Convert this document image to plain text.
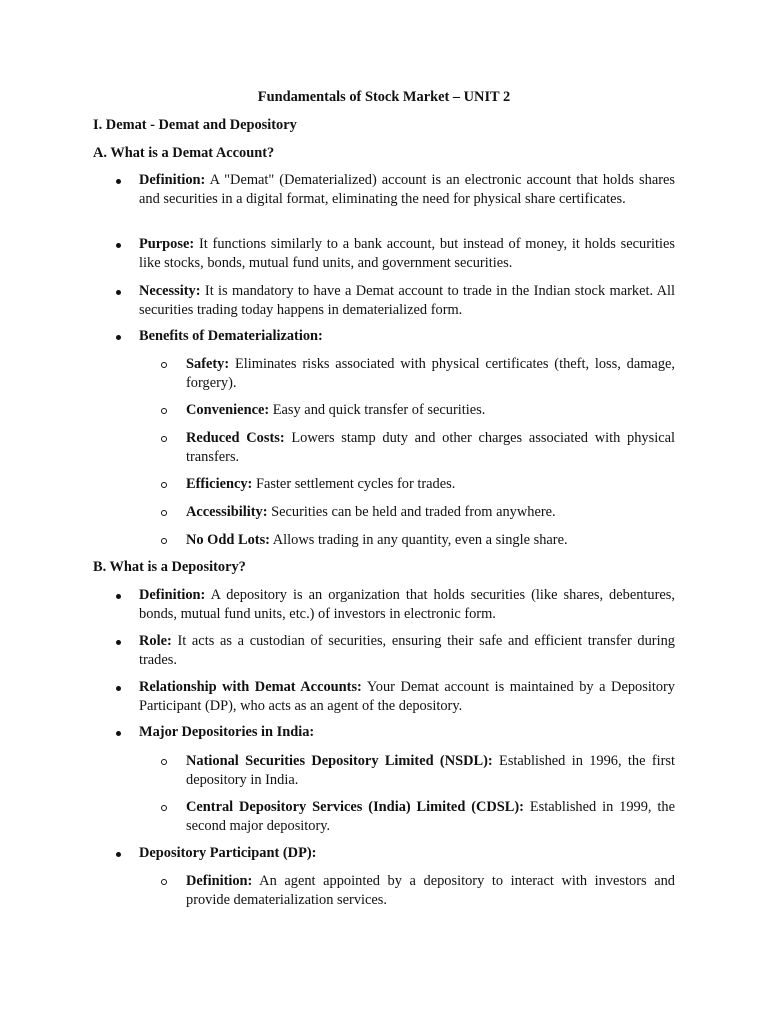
Fundamentals of Stock Market – UNIT 2

I. Demat - Demat and Depository

A. What is a Demat Account?

Definition: A "Demat" (Dematerialized) account is an electronic account that holds shares and securities in a digital format, eliminating the need for physical share certificates.

Purpose: It functions similarly to a bank account, but instead of money, it holds securities like stocks, bonds, mutual fund units, and government securities.

Necessity: It is mandatory to have a Demat account to trade in the Indian stock market. All securities trading today happens in dematerialized form.

Benefits of Dematerialization:

Safety: Eliminates risks associated with physical certificates (theft, loss, damage, forgery).

Convenience: Easy and quick transfer of securities.

Reduced Costs: Lowers stamp duty and other charges associated with physical transfers.

Efficiency: Faster settlement cycles for trades.

Accessibility: Securities can be held and traded from anywhere.

No Odd Lots: Allows trading in any quantity, even a single share.

B. What is a Depository?

Definition: A depository is an organization that holds securities (like shares, debentures, bonds, mutual fund units, etc.) of investors in electronic form.

Role: It acts as a custodian of securities, ensuring their safe and efficient transfer during trades.

Relationship with Demat Accounts: Your Demat account is maintained by a Depository Participant (DP), who acts as an agent of the depository.

Major Depositories in India:

National Securities Depository Limited (NSDL): Established in 1996, the first depository in India.

Central Depository Services (India) Limited (CDSL): Established in 1999, the second major depository.

Depository Participant (DP):

Definition: An agent appointed by a depository to interact with investors and provide dematerialization services.
